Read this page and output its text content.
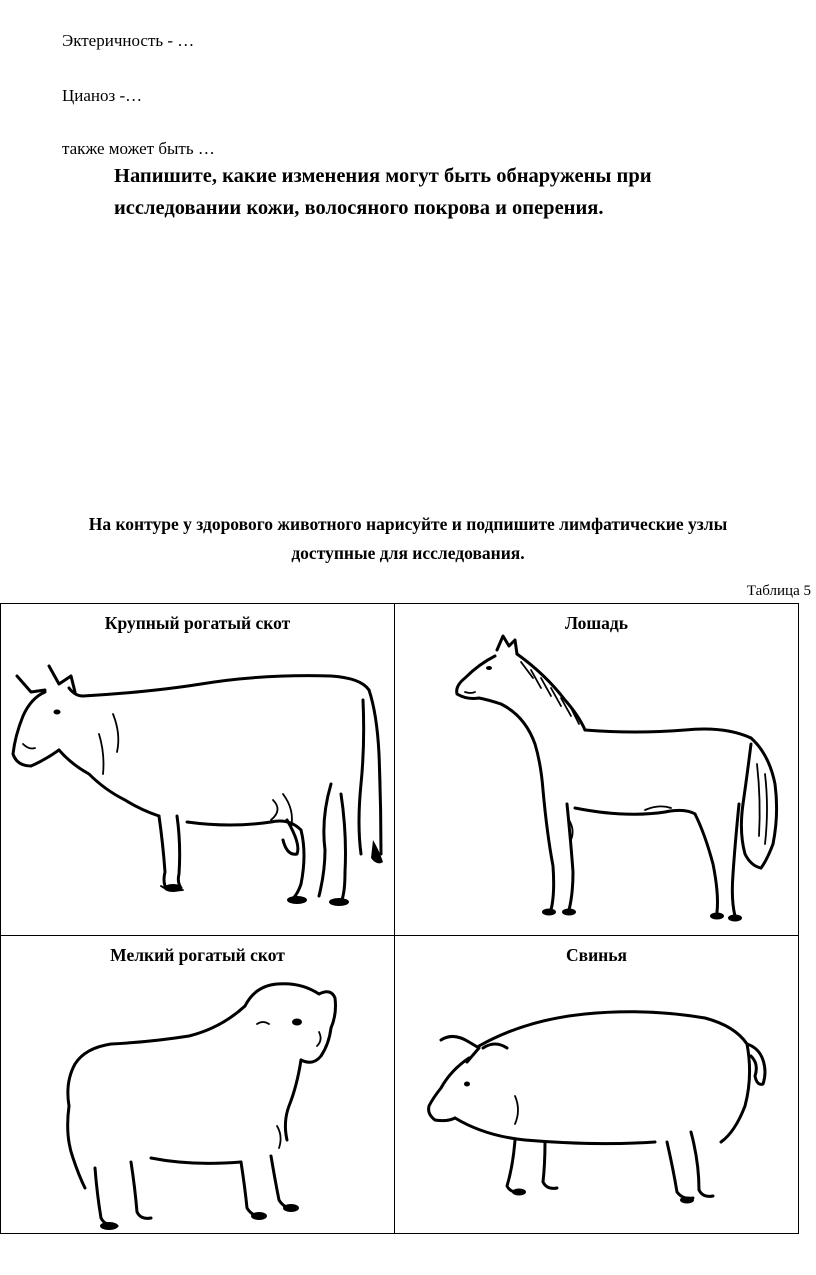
Эктеричность - …
Цианоз -…
также может быть …
Напишите, какие изменения могут быть обнаружены при
исследовании кожи, волосяного покрова и оперения.
На контуре у здорового животного нарисуйте и подпишите лимфатические узлы
доступные для исследования.
Таблица 5
Крупный рогатый скот	Лошадь

Мелкий рогатый скот	Свинья
